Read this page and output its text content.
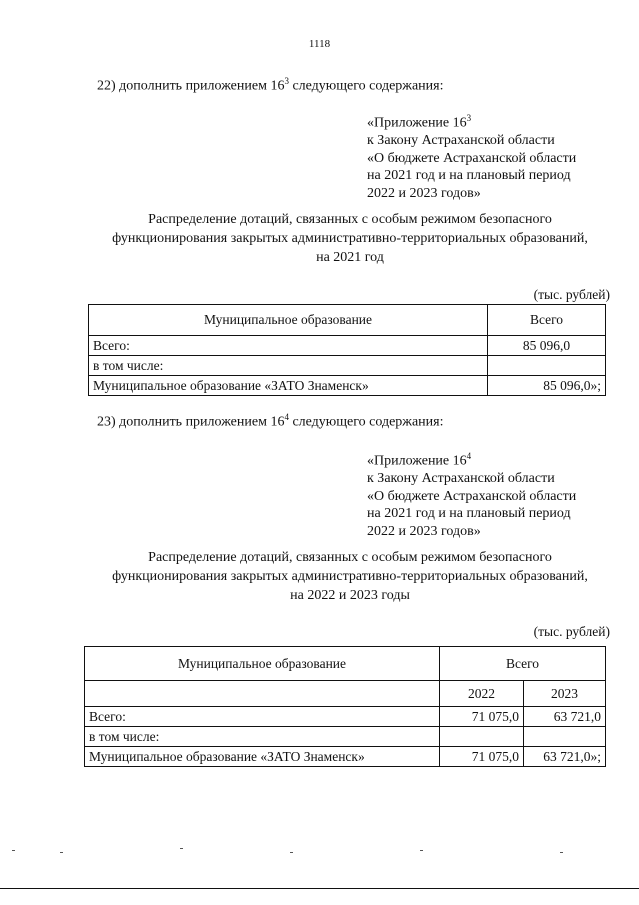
1118
22) дополнить приложением $16^3$ следующего содержания:
«Приложение $16^3$
к Закону Астраханской области
«О бюджете Астраханской области
на 2021 год и на плановый период
2022 и 2023 годов»
Распределение дотаций, связанных с особым режимом безопасного
функционирования закрытых административно-территориальных образований,
на 2021 год
(тыс. рублей)
Муниципальное образование	Всего
Всего:	85 096,0
в том числе:	
Муниципальное образование «ЗАТО Знаменск»	85 096,0»;
23) дополнить приложением $16^4$ следующего содержания:
«Приложение $16^4$
к Закону Астраханской области
«О бюджете Астраханской области
на 2021 год и на плановый период
2022 и 2023 годов»
Распределение дотаций, связанных с особым режимом безопасного
функционирования закрытых административно-территориальных образований,
на 2022 и 2023 годы
(тыс. рублей)
Муниципальное образование	Всего	
	2022	2023
Всего:	71 075,0	63 721,0
в том числе:		
Муниципальное образование «ЗАТО Знаменск»	71 075,0	63 721,0»;
